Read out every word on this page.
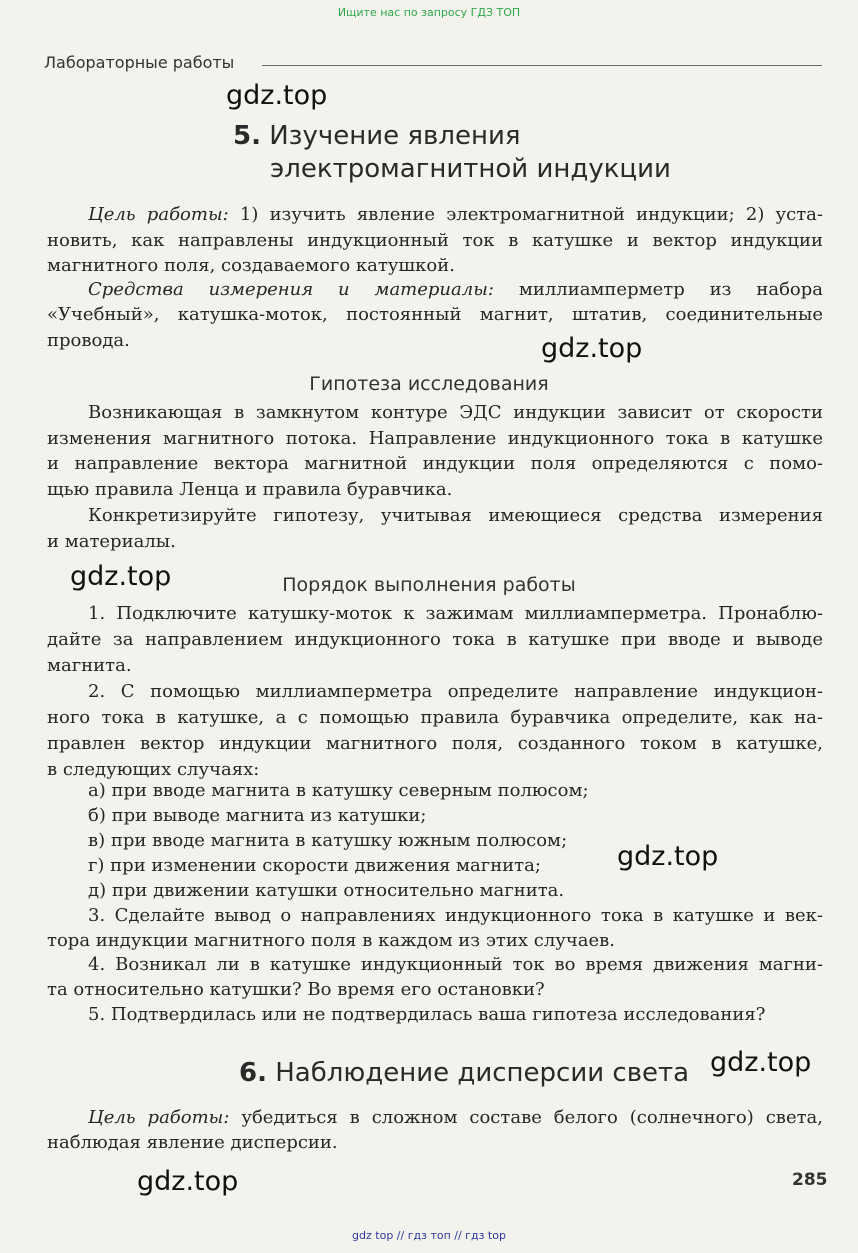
Ищите нас по запросу ГДЗ ТОП
Лабораторные работы
gdz.top
gdz.top
gdz.top
gdz.top
gdz.top
gdz.top
5. Изучение явления
электромагнитной индукции
Цель работы: 1) изучить явление электромагнитной индукции; 2) уста-
новить, как направлены индукционный ток в катушке и вектор индукции
магнитного поля, создаваемого катушкой.
Средства измерения и материалы: миллиамперметр из набора
«Учебный», катушка-моток, постоянный магнит, штатив, соединительные
провода.
Гипотеза исследования
Возникающая в замкнутом контуре ЭДС индукции зависит от скорости
изменения магнитного потока. Направление индукционного тока в катушке
и направление вектора магнитной индукции поля определяются с помо-
щью правила Ленца и правила буравчика.
Конкретизируйте гипотезу, учитывая имеющиеся средства измерения
и материалы.
Порядок выполнения работы
1. Подключите катушку-моток к зажимам миллиамперметра. Пронаблю-
дайте за направлением индукционного тока в катушке при вводе и выводе
магнита.
2. С помощью миллиамперметра определите направление индукцион-
ного тока в катушке, а с помощью правила буравчика определите, как на-
правлен вектор индукции магнитного поля, созданного током в катушке,
в следующих случаях:
а) при вводе магнита в катушку северным полюсом;
б) при выводе магнита из катушки;
в) при вводе магнита в катушку южным полюсом;
г) при изменении скорости движения магнита;
д) при движении катушки относительно магнита.
3. Сделайте вывод о направлениях индукционного тока в катушке и век-
тора индукции магнитного поля в каждом из этих случаев.
4. Возникал ли в катушке индукционный ток во время движения магни-
та относительно катушки? Во время его остановки?
5. Подтвердилась или не подтвердилась ваша гипотеза исследования?
6. Наблюдение дисперсии света
Цель работы: убедиться в сложном составе белого (солнечного) света,
наблюдая явление дисперсии.
285
gdz top // гдз топ // гдз top
